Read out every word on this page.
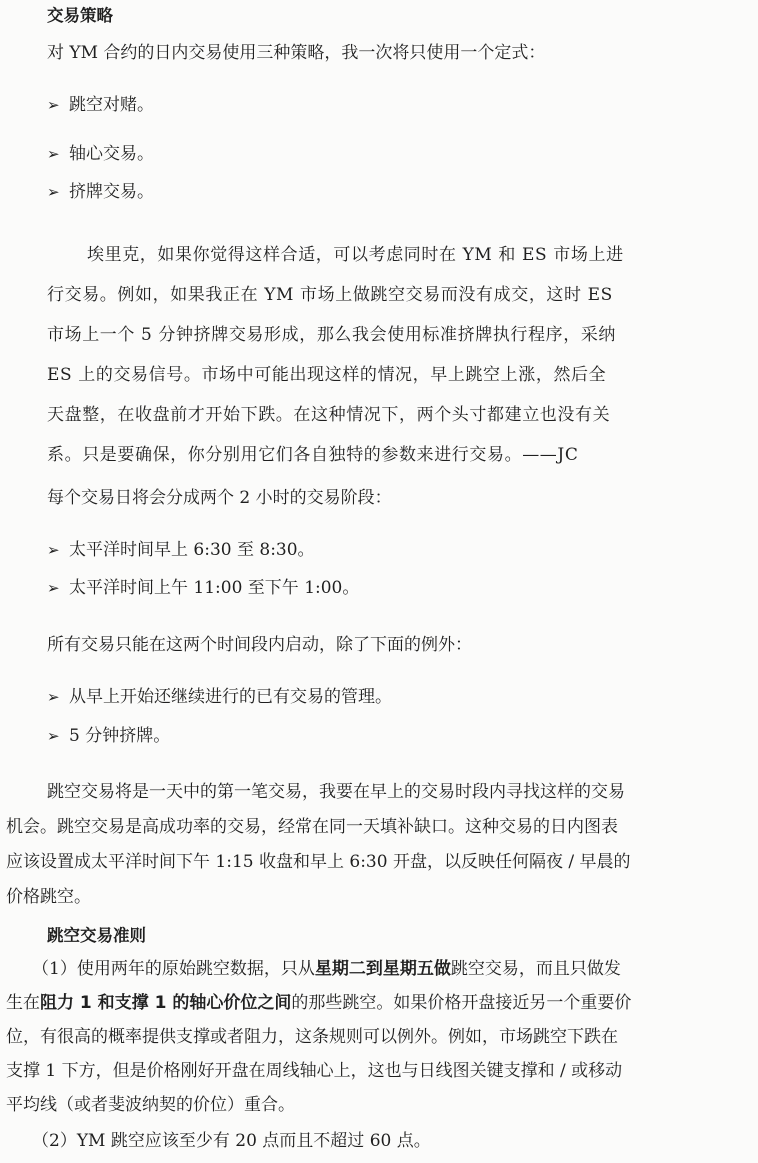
交易策略
对 YM 合约的日内交易使用三种策略，我一次将只使用一个定式：
➢ 跳空对赌。
➢ 轴心交易。
➢ 挤牌交易。
埃里克，如果你觉得这样合适，可以考虑同时在 YM 和 ES 市场上进
行交易。例如，如果我正在 YM 市场上做跳空交易而没有成交，这时 ES
市场上一个 5 分钟挤牌交易形成，那么我会使用标准挤牌执行程序，采纳
ES 上的交易信号。市场中可能出现这样的情况，早上跳空上涨，然后全
天盘整，在收盘前才开始下跌。在这种情况下，两个头寸都建立也没有关
系。只是要确保，你分别用它们各自独特的参数来进行交易。——JC
每个交易日将会分成两个 2 小时的交易阶段：
➢ 太平洋时间早上 6:30 至 8:30。
➢ 太平洋时间上午 11:00 至下午 1:00。
所有交易只能在这两个时间段内启动，除了下面的例外：
➢ 从早上开始还继续进行的已有交易的管理。
➢ 5 分钟挤牌。
跳空交易将是一天中的第一笔交易，我要在早上的交易时段内寻找这样的交易
机会。跳空交易是高成功率的交易，经常在同一天填补缺口。这种交易的日内图表
应该设置成太平洋时间下午 1:15 收盘和早上 6:30 开盘，以反映任何隔夜 / 早晨的
价格跳空。
跳空交易准则
（1）使用两年的原始跳空数据，只从星期二到星期五做跳空交易，而且只做发
生在阻力 1 和支撑 1 的轴心价位之间的那些跳空。如果价格开盘接近另一个重要价
位，有很高的概率提供支撑或者阻力，这条规则可以例外。例如，市场跳空下跌在
支撑 1 下方，但是价格刚好开盘在周线轴心上，这也与日线图关键支撑和 / 或移动
平均线（或者斐波纳契的价位）重合。
（2）YM 跳空应该至少有 20 点而且不超过 60 点。
